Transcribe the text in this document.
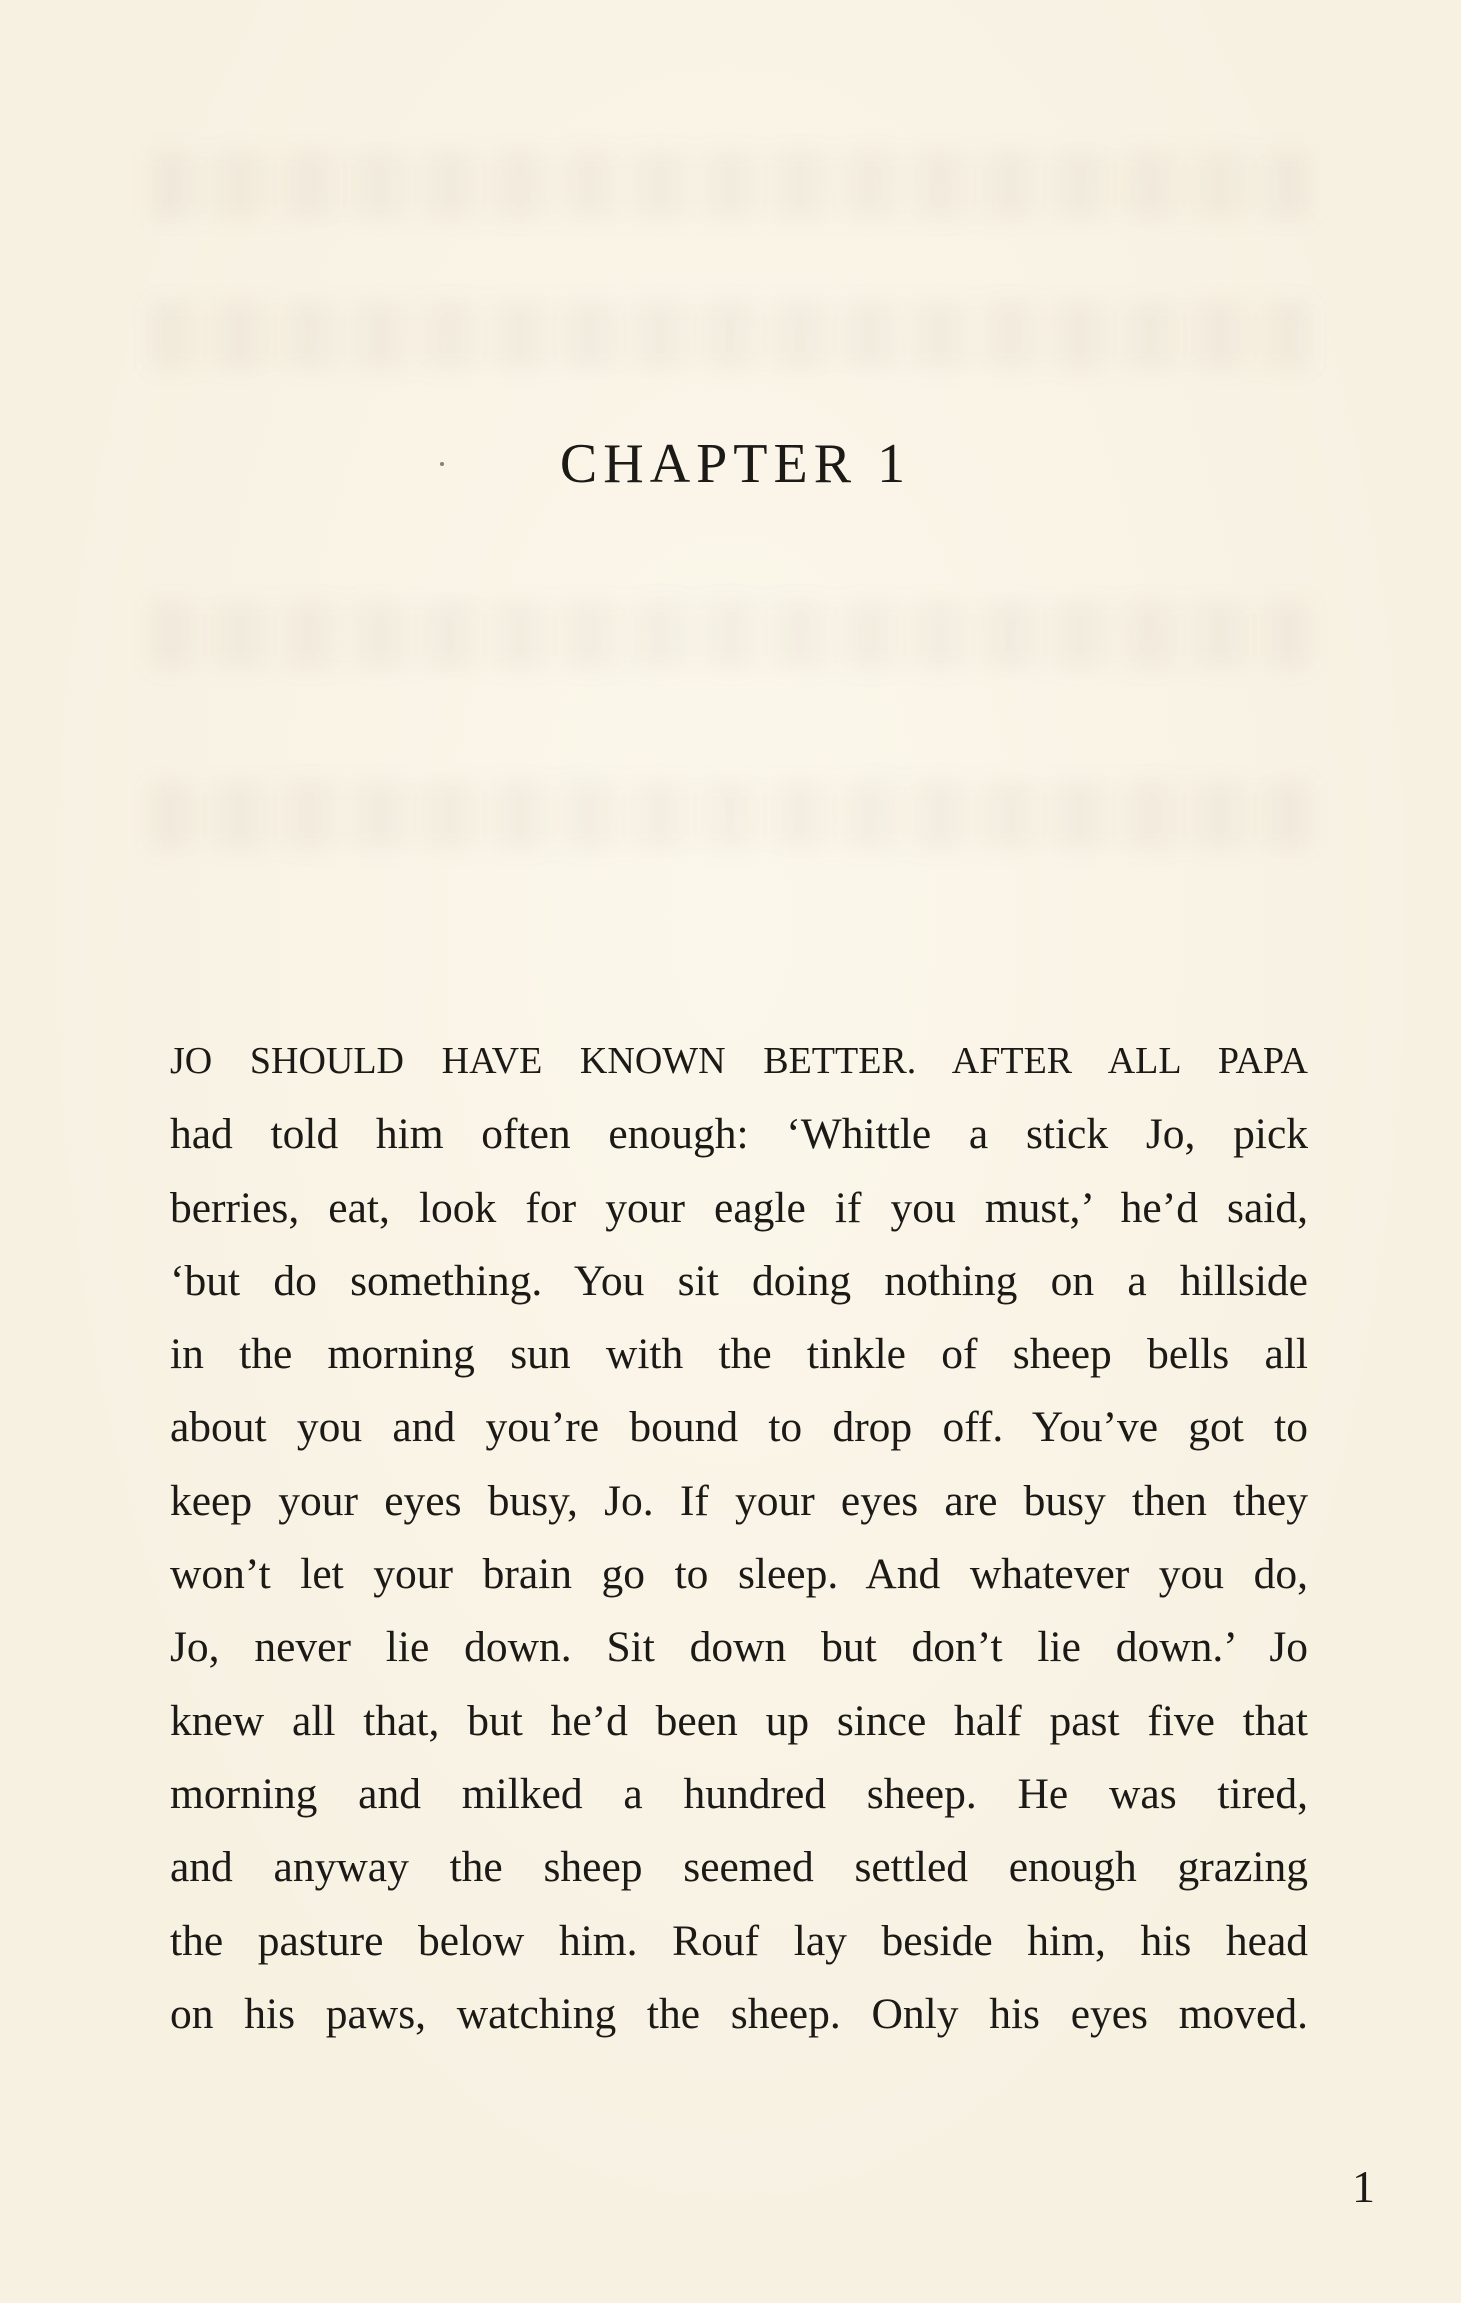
CHAPTER 1
JO SHOULD HAVE KNOWN BETTER. AFTER ALL PAPA
had told him often enough: ‘Whittle a stick Jo, pick
berries, eat, look for your eagle if you must,’ he’d said,
‘but do something. You sit doing nothing on a hillside
in the morning sun with the tinkle of sheep bells all
about you and you’re bound to drop off. You’ve got to
keep your eyes busy, Jo. If your eyes are busy then they
won’t let your brain go to sleep. And whatever you do,
Jo, never lie down. Sit down but don’t lie down.’ Jo
knew all that, but he’d been up since half past five that
morning and milked a hundred sheep. He was tired,
and anyway the sheep seemed settled enough grazing
the pasture below him. Rouf lay beside him, his head
on his paws, watching the sheep. Only his eyes moved.

1
